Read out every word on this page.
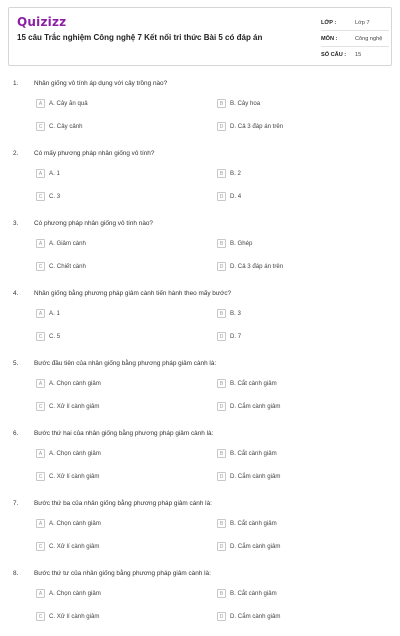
Quizizz
15 câu Trắc nghiệm Công nghệ 7 Kết nối tri thức Bài 5 có đáp án
LỚP :	Lớp 7
MÔN :	Công nghệ
SỐ CÂU :	15
1. Nhân giống vô tính áp dụng với cây trồng nào?
A	A. Cây ăn quả	B	B. Cây hoa
C	C. Cây cảnh	D	D. Cả 3 đáp án trên
2. Có mấy phương pháp nhân giống vô tính?
A	A. 1	B	B. 2
C	C. 3	D	D. 4
3. Có phương pháp nhân giống vô tính nào?
A	A. Giâm cành	B	B. Ghép
C	C. Chiết cành	D	D. Cả 3 đáp án trên
4. Nhân giống bằng phương pháp giâm cành tiến hành theo mấy bước?
A	A. 1	B	B. 3
C	C. 5	D	D. 7
5. Bước đầu tiên của nhân giống bằng phương pháp giâm cành là:
A	A. Chọn cành giâm	B	B. Cắt cành giâm
C	C. Xử lí cành giâm	D	D. Cắm cành giâm
6. Bước thứ hai của nhân giống bằng phương pháp giâm cành là:
A	A. Chọn cành giâm	B	B. Cắt cành giâm
C	C. Xử lí cành giâm	D	D. Cắm cành giâm
7. Bước thứ ba của nhân giống bằng phương pháp giâm cành là:
A	A. Chọn cành giâm	B	B. Cắt cành giâm
C	C. Xử lí cành giâm	D	D. Cắm cành giâm
8. Bước thứ tư của nhân giống bằng phương pháp giâm cành là:
A	A. Chọn cành giâm	B	B. Cắt cành giâm
C	C. Xử lí cành giâm	D	D. Cắm cành giâm
